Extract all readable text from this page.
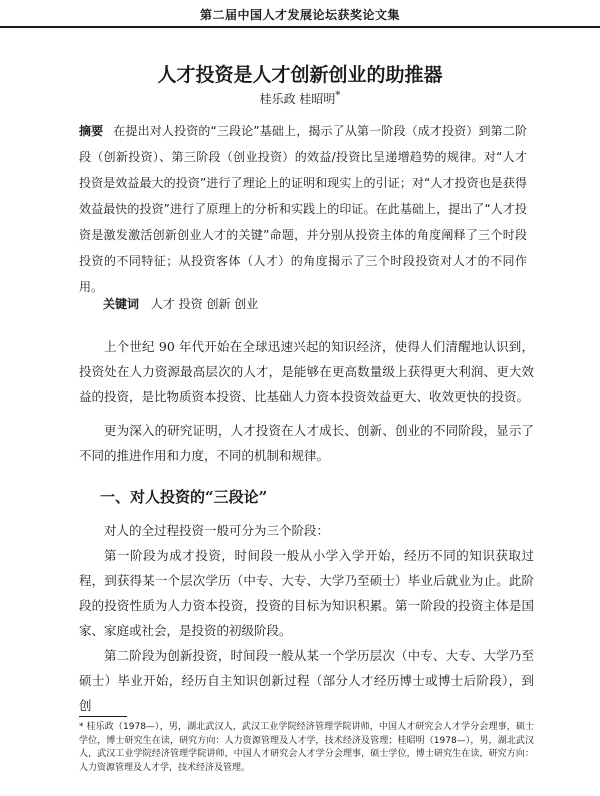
第二届中国人才发展论坛获奖论文集
人才投资是人才创新创业的助推器
桂乐政 桂昭明*
摘要 在提出对人投资的“三段论”基础上，揭示了从第一阶段（成才投资）到第二阶段（创新投资）、第三阶段（创业投资）的效益/投资比呈递增趋势的规律。对“人才投资是效益最大的投资”进行了理论上的证明和现实上的引证；对“人才投资也是获得效益最快的投资”进行了原理上的分析和实践上的印证。在此基础上，提出了“人才投资是激发激活创新创业人才的关键”命题，并分别从投资主体的角度阐释了三个时段投资的不同特征；从投资客体（人才）的角度揭示了三个时段投资对人才的不同作用。
关键词 人才 投资 创新 创业

上个世纪 90 年代开始在全球迅速兴起的知识经济，使得人们清醒地认识到，投资处在人力资源最高层次的人才，是能够在更高数量级上获得更大利润、更大效益的投资，是比物质资本投资、比基础人力资本投资效益更大、收效更快的投资。

更为深入的研究证明，人才投资在人才成长、创新、创业的不同阶段，显示了不同的推进作用和力度，不同的机制和规律。

一、对人投资的“三段论”

对人的全过程投资一般可分为三个阶段：

第一阶段为成才投资，时间段一般从小学入学开始，经历不同的知识获取过程，到获得某一个层次学历（中专、大专、大学乃至硕士）毕业后就业为止。此阶段的投资性质为人力资本投资，投资的目标为知识积累。第一阶段的投资主体是国家、家庭或社会，是投资的初级阶段。

第二阶段为创新投资，时间段一般从某一个学历层次（中专、大专、大学乃至硕士）毕业开始，经历自主知识创新过程（部分人才经历博士或博士后阶段），到创

* 桂乐政（1978—），男，湖北武汉人，武汉工业学院经济管理学院讲师，中国人才研究会人才学分会理事，硕士学位，博士研究生在读，研究方向：人力资源管理及人才学，技术经济及管理；桂昭明（1978—），男，湖北武汉人，武汉工业学院经济管理学院讲师，中国人才研究会人才学分会理事，硕士学位，博士研究生在读，研究方向：人力资源管理及人才学，技术经济及管理。
